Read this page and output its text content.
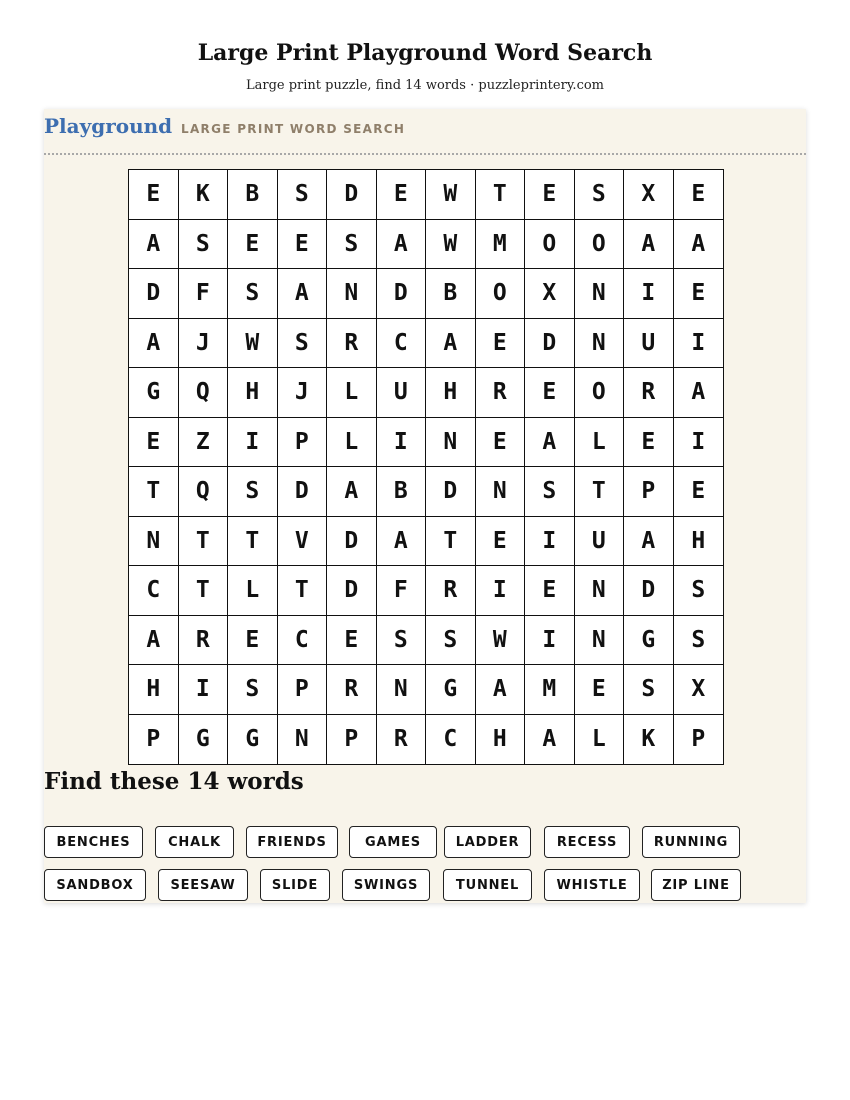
Large Print Playground Word Search
Large print puzzle, find 14 words · puzzleprintery.com
Playground LARGE PRINT WORD SEARCH
E	K	B	S	D	E	W	T	E	S	X	E
A	S	E	E	S	A	W	M	O	O	A	A
D	F	S	A	N	D	B	O	X	N	I	E
A	J	W	S	R	C	A	E	D	N	U	I
G	Q	H	J	L	U	H	R	E	O	R	A
E	Z	I	P	L	I	N	E	A	L	E	I
T	Q	S	D	A	B	D	N	S	T	P	E
N	T	T	V	D	A	T	E	I	U	A	H
C	T	L	T	D	F	R	I	E	N	D	S
A	R	E	C	E	S	S	W	I	N	G	S
H	I	S	P	R	N	G	A	M	E	S	X
P	G	G	N	P	R	C	H	A	L	K	P
Find these 14 words
BENCHES	CHALK	FRIENDS	GAMES	LADDER	RECESS	RUNNING
SANDBOX	SEESAW	SLIDE	SWINGS	TUNNEL	WHISTLE	ZIP LINE
